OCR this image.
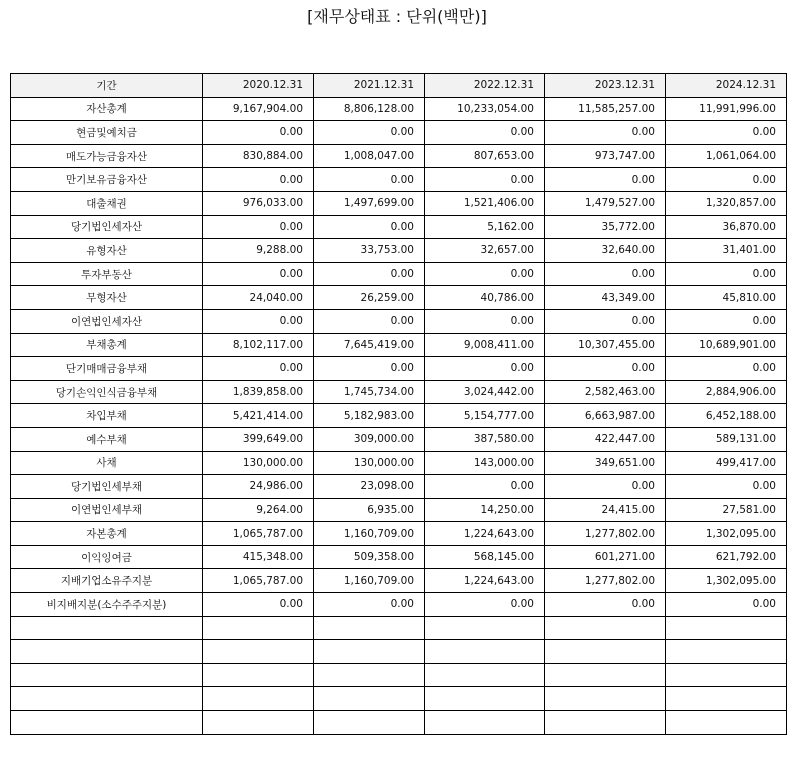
[재무상태표 : 단위(백만)]
기간	2020.12.31	2021.12.31	2022.12.31	2023.12.31	2024.12.31
자산총계	9,167,904.00	8,806,128.00	10,233,054.00	11,585,257.00	11,991,996.00
현금및예치금	0.00	0.00	0.00	0.00	0.00
매도가능금융자산	830,884.00	1,008,047.00	807,653.00	973,747.00	1,061,064.00
만기보유금융자산	0.00	0.00	0.00	0.00	0.00
대출채권	976,033.00	1,497,699.00	1,521,406.00	1,479,527.00	1,320,857.00
당기법인세자산	0.00	0.00	5,162.00	35,772.00	36,870.00
유형자산	9,288.00	33,753.00	32,657.00	32,640.00	31,401.00
투자부동산	0.00	0.00	0.00	0.00	0.00
무형자산	24,040.00	26,259.00	40,786.00	43,349.00	45,810.00
이연법인세자산	0.00	0.00	0.00	0.00	0.00
부채총계	8,102,117.00	7,645,419.00	9,008,411.00	10,307,455.00	10,689,901.00
단기매매금융부채	0.00	0.00	0.00	0.00	0.00
당기손익인식금융부채	1,839,858.00	1,745,734.00	3,024,442.00	2,582,463.00	2,884,906.00
차입부채	5,421,414.00	5,182,983.00	5,154,777.00	6,663,987.00	6,452,188.00
예수부채	399,649.00	309,000.00	387,580.00	422,447.00	589,131.00
사채	130,000.00	130,000.00	143,000.00	349,651.00	499,417.00
당기법인세부채	24,986.00	23,098.00	0.00	0.00	0.00
이연법인세부채	9,264.00	6,935.00	14,250.00	24,415.00	27,581.00
자본총계	1,065,787.00	1,160,709.00	1,224,643.00	1,277,802.00	1,302,095.00
이익잉여금	415,348.00	509,358.00	568,145.00	601,271.00	621,792.00
지배기업소유주지분	1,065,787.00	1,160,709.00	1,224,643.00	1,277,802.00	1,302,095.00
비지배지분(소수주주지분)	0.00	0.00	0.00	0.00	0.00
